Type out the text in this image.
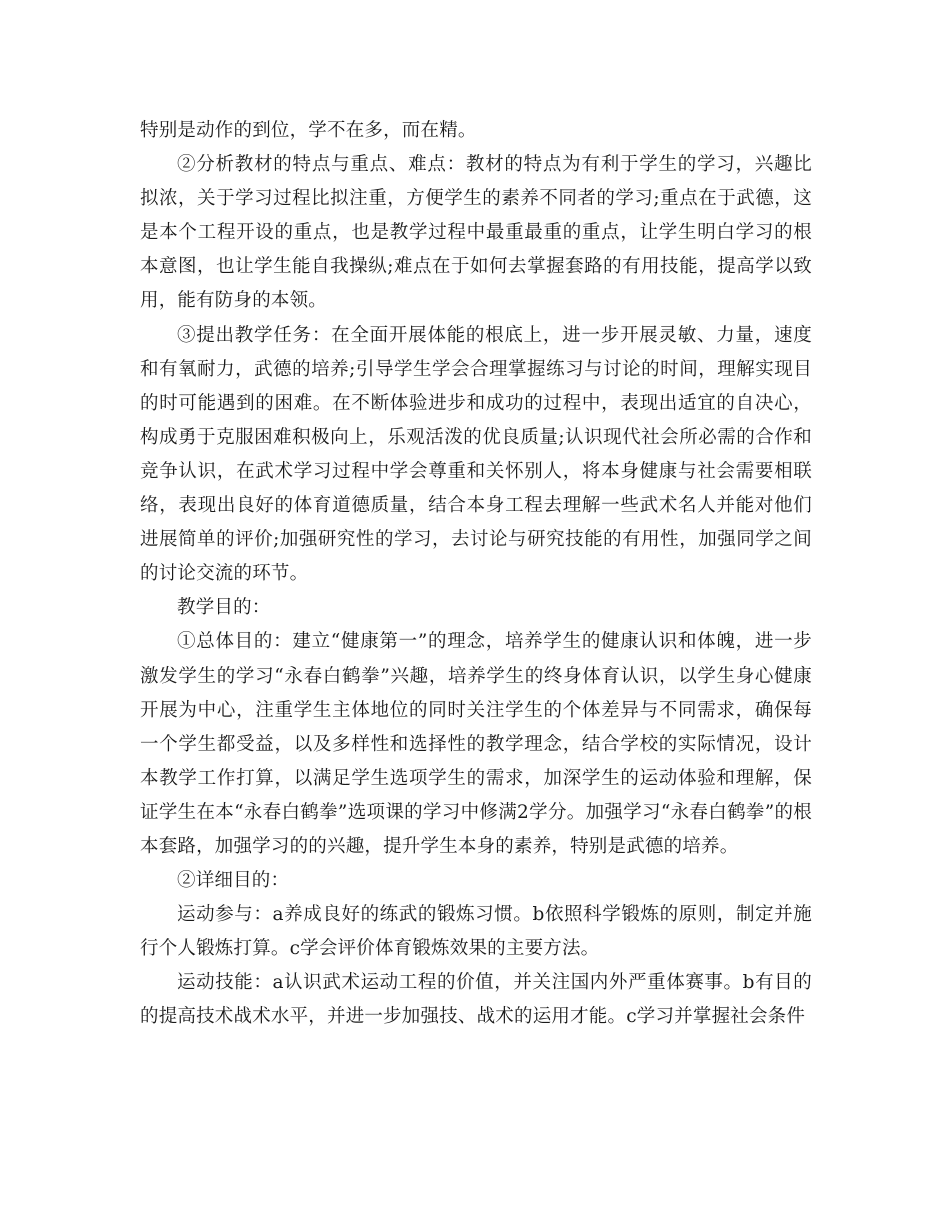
特别是动作的到位，学不在多，而在精。

②分析教材的特点与重点、难点：教材的特点为有利于学生的学习，兴趣比拟浓，关于学习过程比拟注重，方便学生的素养不同者的学习;重点在于武德，这是本个工程开设的重点，也是教学过程中最重最重的重点，让学生明白学习的根本意图，也让学生能自我操纵;难点在于如何去掌握套路的有用技能，提高学以致用，能有防身的本领。

③提出教学任务：在全面开展体能的根底上，进一步开展灵敏、力量，速度和有氧耐力，武德的培养;引导学生学会合理掌握练习与讨论的时间，理解实现目的时可能遇到的困难。在不断体验进步和成功的过程中，表现出适宜的自决心，构成勇于克服困难积极向上，乐观活泼的优良质量;认识现代社会所必需的合作和竞争认识，在武术学习过程中学会尊重和关怀别人，将本身健康与社会需要相联络，表现出良好的体育道德质量，结合本身工程去理解一些武术名人并能对他们进展简单的评价;加强研究性的学习，去讨论与研究技能的有用性，加强同学之间的讨论交流的环节。

教学目的：

①总体目的：建立“健康第一”的理念，培养学生的健康认识和体魄，进一步激发学生的学习“永春白鹤拳”兴趣，培养学生的终身体育认识，以学生身心健康开展为中心，注重学生主体地位的同时关注学生的个体差异与不同需求，确保每一个学生都受益，以及多样性和选择性的教学理念，结合学校的实际情况，设计本教学工作打算，以满足学生选项学生的需求，加深学生的运动体验和理解，保证学生在本“永春白鹤拳”选项课的学习中修满2学分。加强学习“永春白鹤拳”的根本套路，加强学习的的兴趣，提升学生本身的素养，特别是武德的培养。

②详细目的：

运动参与：a养成良好的练武的锻炼习惯。b依照科学锻炼的原则，制定并施行个人锻炼打算。c学会评价体育锻炼效果的主要方法。

运动技能：a认识武术运动工程的价值，并关注国内外严重体赛事。b有目的的提高技术战术水平，并进一步加强技、战术的运用才能。c学习并掌握社会条件
